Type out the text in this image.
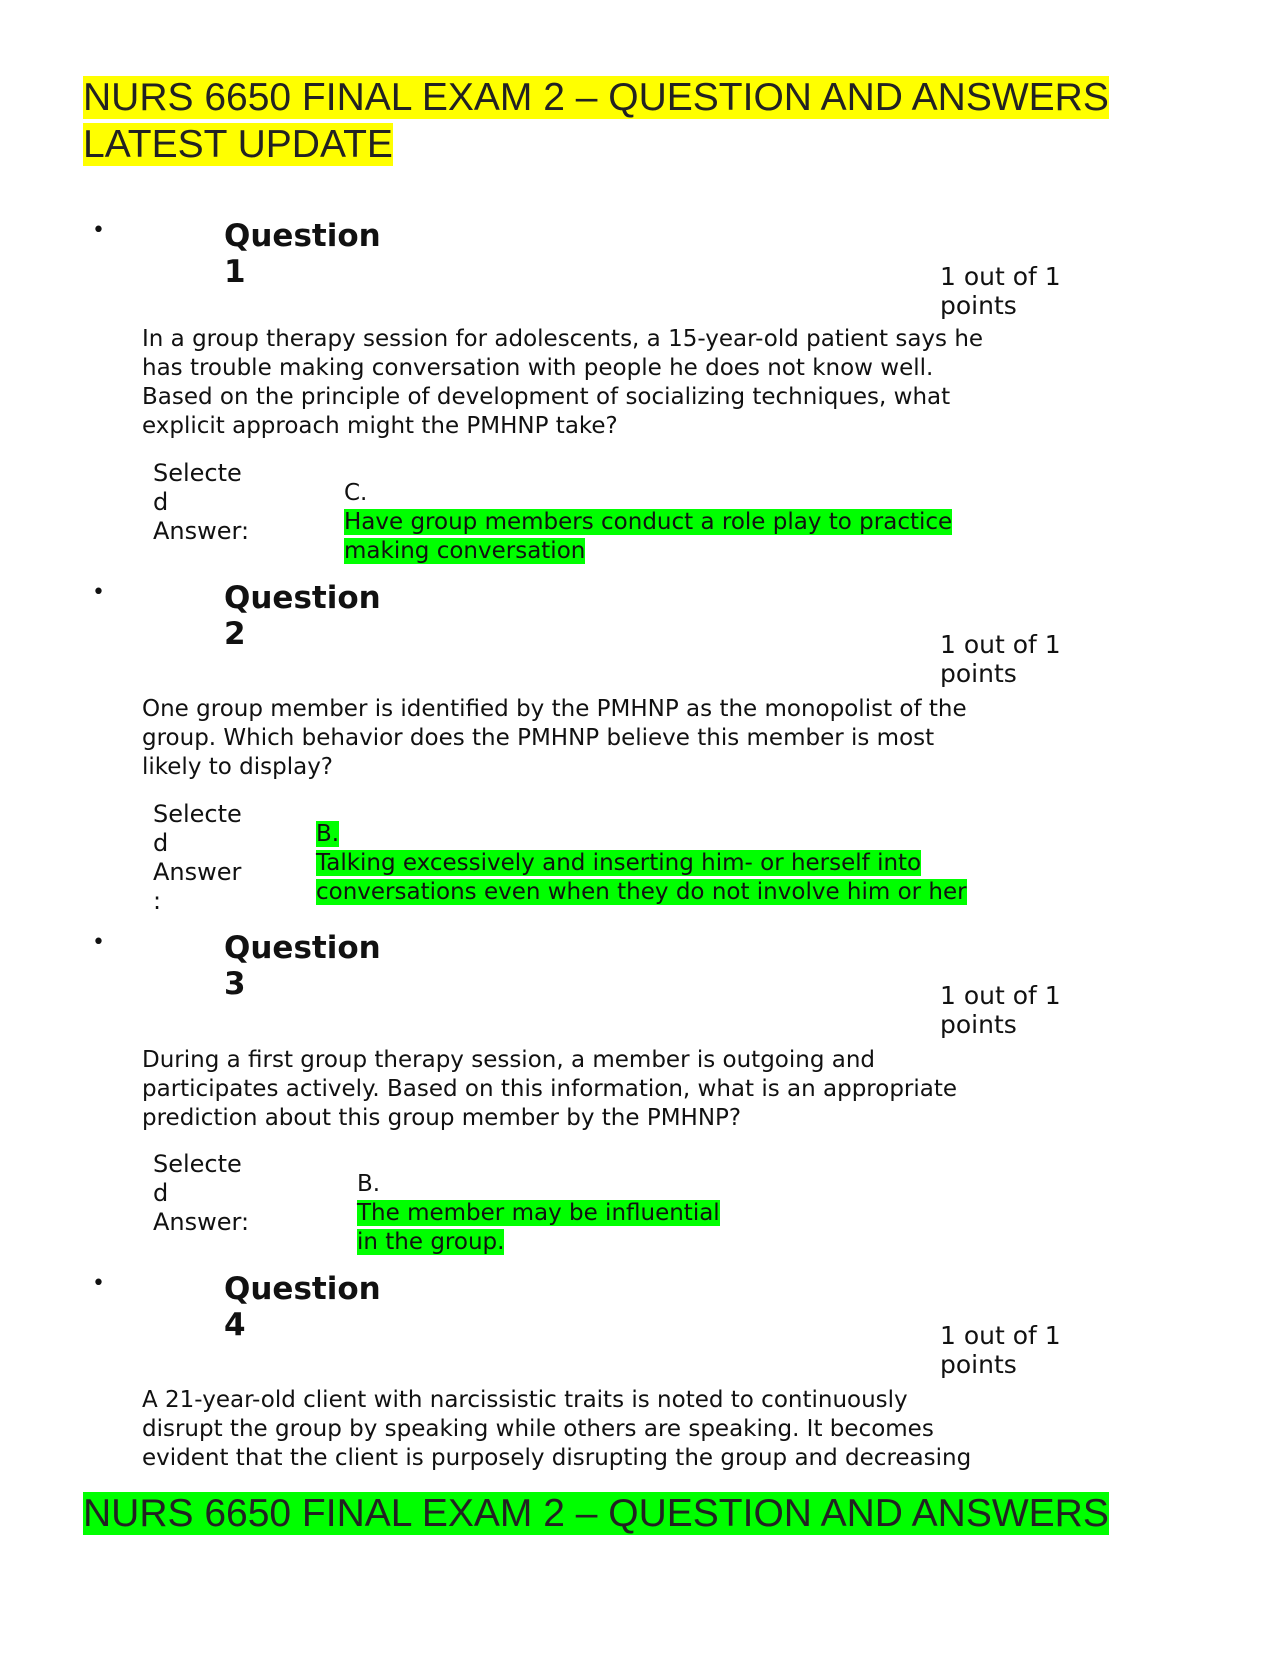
NURS 6650 FINAL EXAM 2 – QUESTION AND ANSWERS
LATEST UPDATE
•	Question
1	1 out of 1
points
In a group therapy session for adolescents, a 15-year-old patient says he
has trouble making conversation with people he does not know well.
Based on the principle of development of socializing techniques, what
explicit approach might the PMHNP take?
Selecte
d
Answer:
C.
Have group members conduct a role play to practice
making conversation
•	Question
2	1 out of 1
points
One group member is identified by the PMHNP as the monopolist of the
group. Which behavior does the PMHNP believe this member is most
likely to display?
Selecte
d
Answer
:
B.
Talking excessively and inserting him- or herself into
conversations even when they do not involve him or her
•	Question
3	1 out of 1
points
During a first group therapy session, a member is outgoing and
participates actively. Based on this information, what is an appropriate
prediction about this group member by the PMHNP?
Selecte
d
Answer:
B.
The member may be influential
in the group.
•	Question
4	1 out of 1
points
A 21-year-old client with narcissistic traits is noted to continuously
disrupt the group by speaking while others are speaking. It becomes
evident that the client is purposely disrupting the group and decreasing
NURS 6650 FINAL EXAM 2 – QUESTION AND ANSWERS
